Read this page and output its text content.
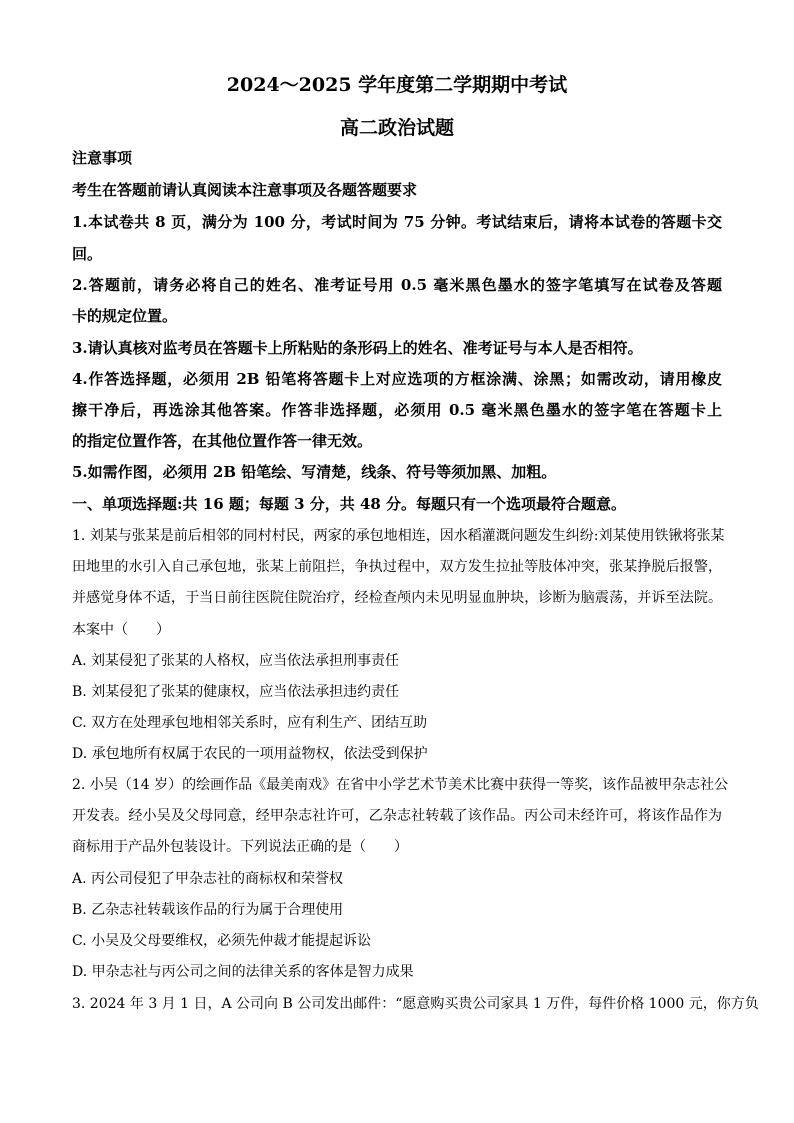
2024～2025 学年度第二学期期中考试
高二政治试题
注意事项
考生在答题前请认真阅读本注意事项及各题答题要求
1.本试卷共 8 页，满分为 100 分，考试时间为 75 分钟。考试结束后，请将本试卷的答题卡交
回。
2.答题前，请务必将自己的姓名、准考证号用 0.5 毫米黑色墨水的签字笔填写在试卷及答题
卡的规定位置。
3.请认真核对监考员在答题卡上所粘贴的条形码上的姓名、准考证号与本人是否相符。
4.作答选择题，必须用 2B 铅笔将答题卡上对应选项的方框涂满、涂黑；如需改动，请用橡皮
擦干净后，再选涂其他答案。作答非选择题，必须用 0.5 毫米黑色墨水的签字笔在答题卡上
的指定位置作答，在其他位置作答一律无效。
5.如需作图，必须用 2B 铅笔绘、写清楚，线条、符号等须加黑、加粗。
一、单项选择题:共 16 题；每题 3 分，共 48 分。每题只有一个选项最符合题意。
1. 刘某与张某是前后相邻的同村村民，两家的承包地相连，因水稻灌溉问题发生纠纷:刘某使用铁锹将张某
田地里的水引入自己承包地，张某上前阻拦，争执过程中，双方发生拉扯等肢体冲突，张某挣脱后报警，
并感觉身体不适，于当日前往医院住院治疗，经检查颅内未见明显血肿块，诊断为脑震荡，并诉至法院。
本案中（　　）
A. 刘某侵犯了张某的人格权，应当依法承担刑事责任
B. 刘某侵犯了张某的健康权，应当依法承担违约责任
C. 双方在处理承包地相邻关系时，应有利生产、团结互助
D. 承包地所有权属于农民的一项用益物权，依法受到保护
2. 小吴（14 岁）的绘画作品《最美南戏》在省中小学艺术节美术比赛中获得一等奖，该作品被甲杂志社公
开发表。经小吴及父母同意，经甲杂志社许可，乙杂志社转载了该作品。丙公司未经许可，将该作品作为
商标用于产品外包装设计。下列说法正确的是（　　）
A. 丙公司侵犯了甲杂志社的商标权和荣誉权
B. 乙杂志社转载该作品的行为属于合理使用
C. 小吴及父母要维权，必须先仲裁才能提起诉讼
D. 甲杂志社与丙公司之间的法律关系的客体是智力成果
3. 2024 年 3 月 1 日，A 公司向 B 公司发出邮件：“愿意购买贵公司家具 1 万件，每件价格 1000 元，你方负
